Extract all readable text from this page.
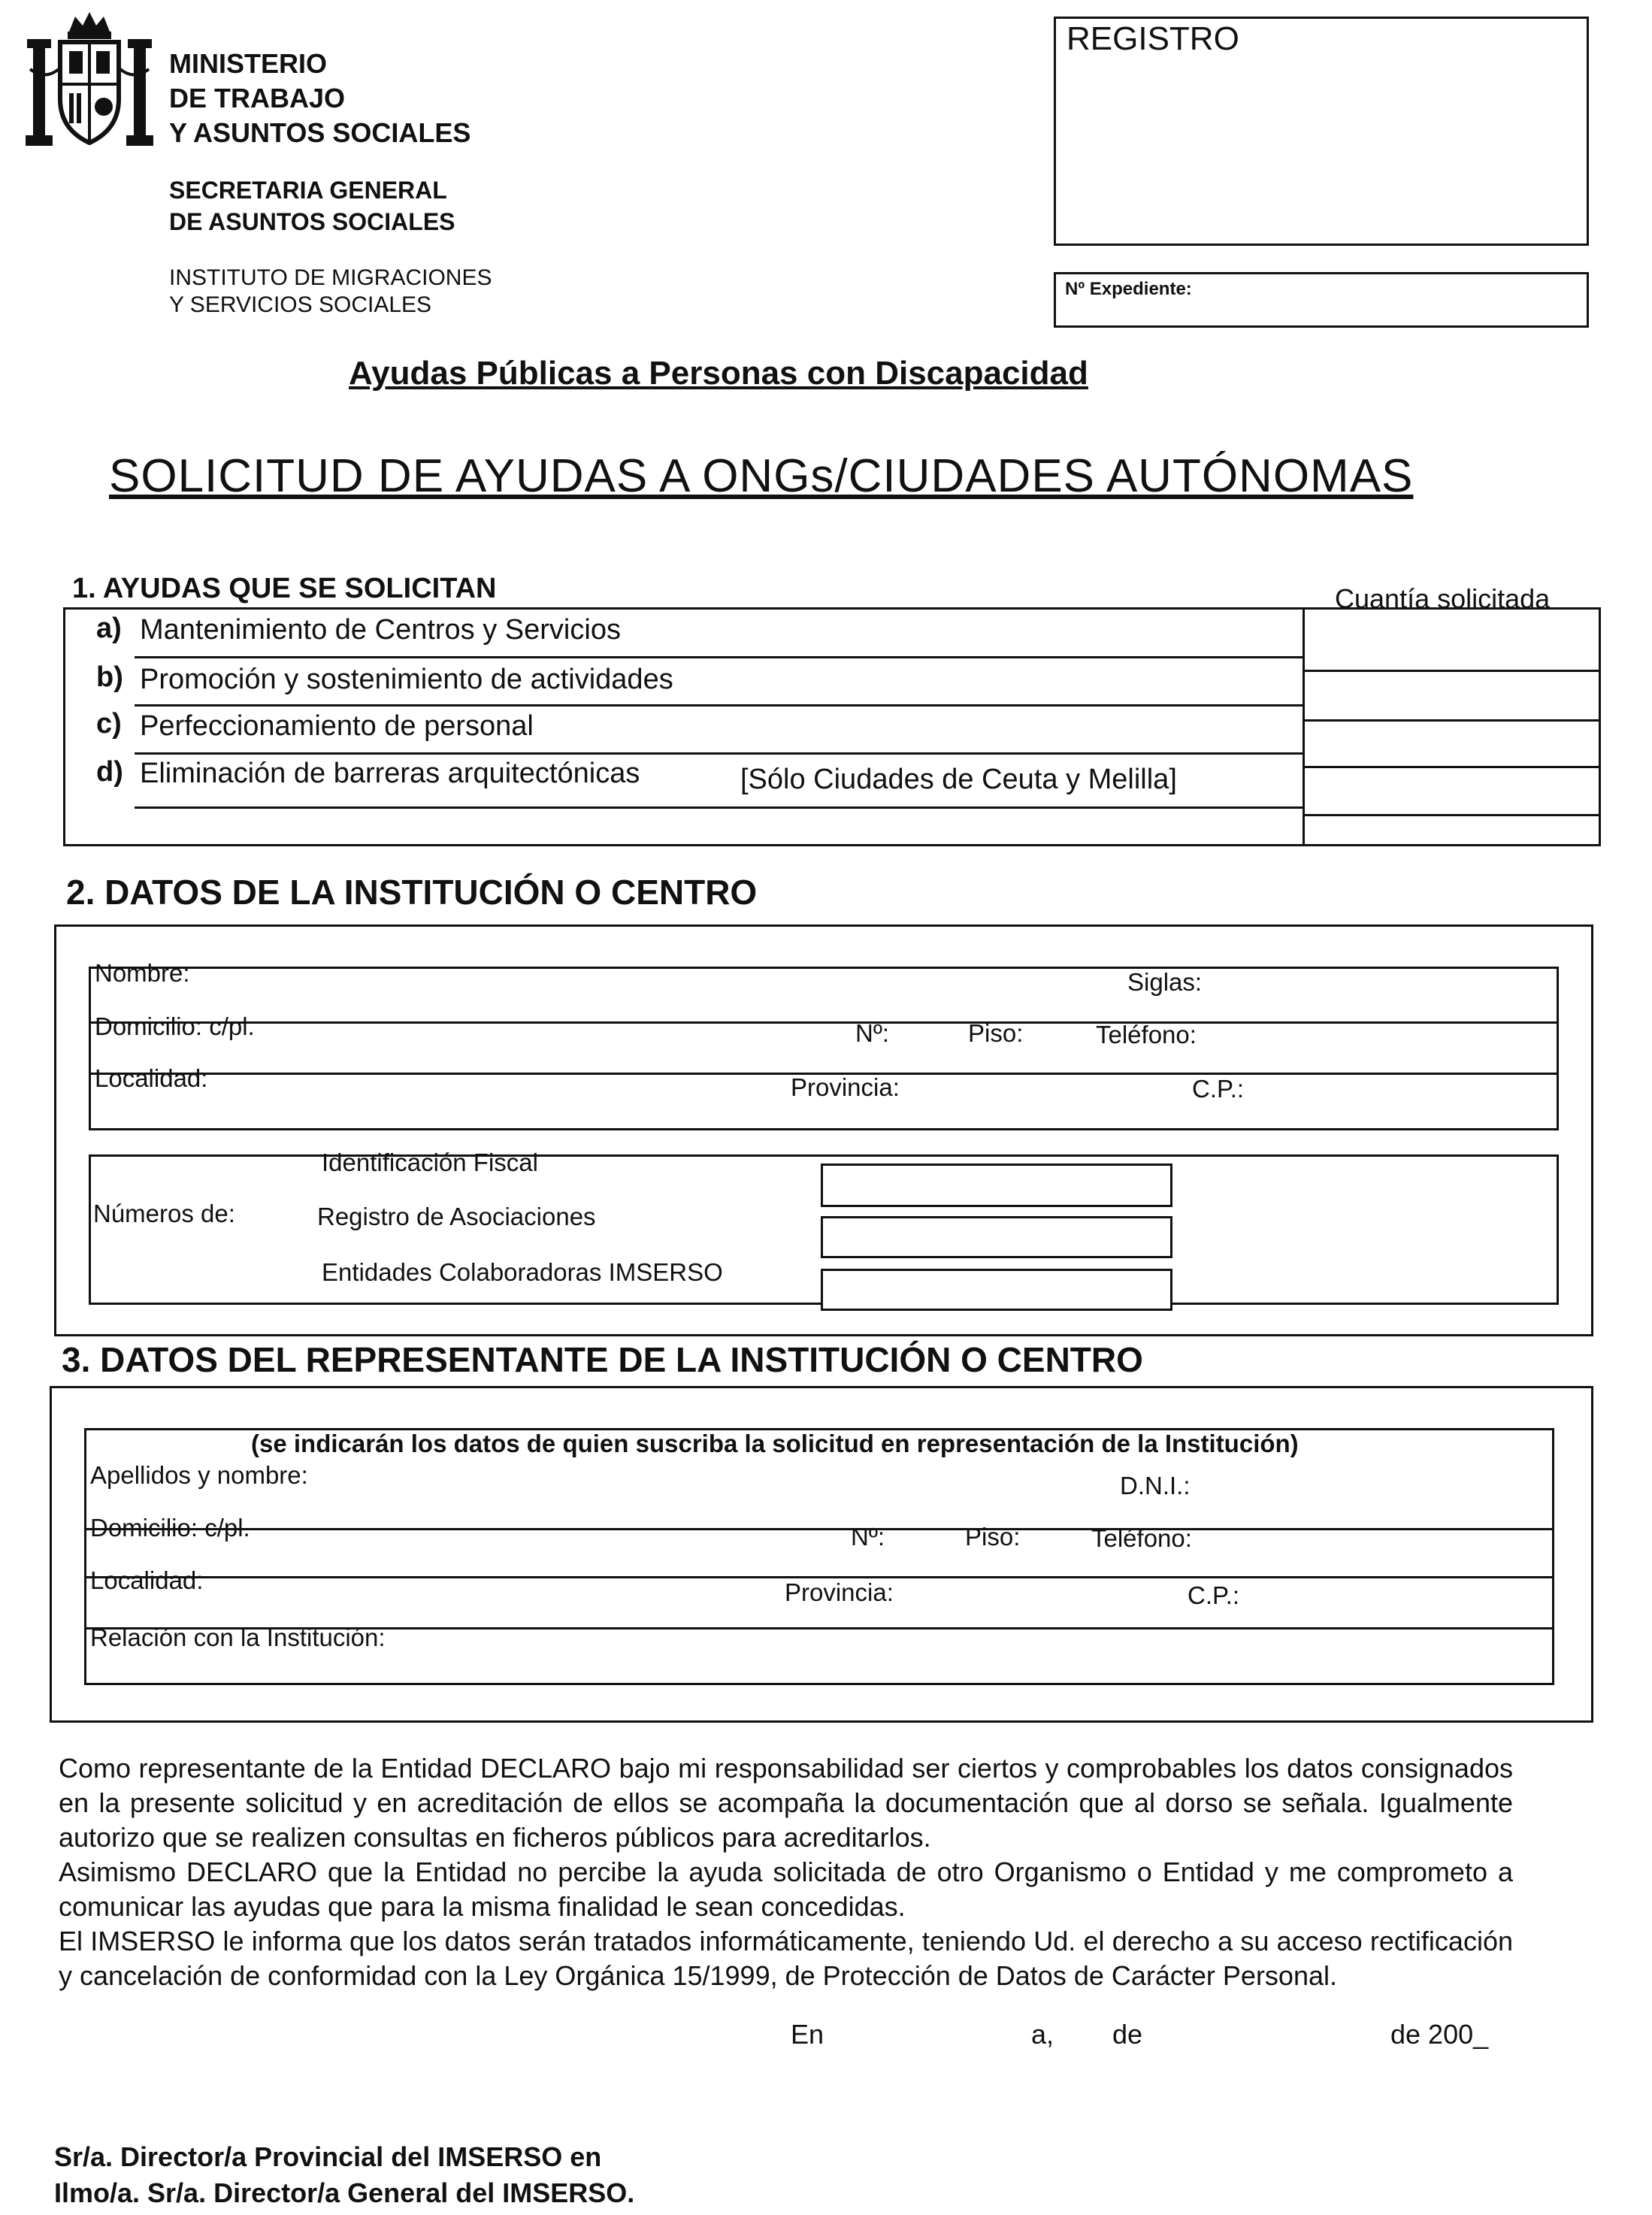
MINISTERIO
DE TRABAJO
Y ASUNTOS SOCIALES
SECRETARIA GENERAL
DE ASUNTOS SOCIALES
INSTITUTO DE MIGRACIONES
Y SERVICIOS SOCIALES
REGISTRO
Nº Expediente:
Ayudas Públicas a Personas con Discapacidad
SOLICITUD DE AYUDAS A ONGs/CIUDADES AUTÓNOMAS
1. AYUDAS QUE SE SOLICITAN	Cuantía solicitada
a) Mantenimiento de Centros y Servicios
b) Promoción y sostenimiento de actividades
c) Perfeccionamiento de personal
d) Eliminación de barreras arquitectónicas	[Sólo Ciudades de Ceuta y Melilla]
2. DATOS DE LA INSTITUCIÓN O CENTRO
Nombre:	Siglas:
Domicilio: c/pl.	Nº:	Piso:	Teléfono:
Localidad:	Provincia:	C.P.:
Números de:
Identificación Fiscal
Registro de Asociaciones
Entidades Colaboradoras IMSERSO
3. DATOS DEL REPRESENTANTE DE LA INSTITUCIÓN O CENTRO
(se indicarán los datos de quien suscriba la solicitud en representación de la Institución)
Apellidos y nombre:	D.N.I.:
Domicilio: c/pl.	Nº:	Piso:	Teléfono:
Localidad:	Provincia:	C.P.:
Relación con la Institución:
Como representante de la Entidad DECLARO bajo mi responsabilidad ser ciertos y comprobables los datos consignados en la presente solicitud y en acreditación de ellos se acompaña la documentación que al dorso se señala. Igualmente autorizo que se realizen consultas en ficheros públicos para acreditarlos.
Asimismo DECLARO que la Entidad no percibe la ayuda solicitada de otro Organismo o Entidad y me comprometo a comunicar las ayudas que para la misma finalidad le sean concedidas.
El IMSERSO le informa que los datos serán tratados informáticamente, teniendo Ud. el derecho a su acceso rectificación y cancelación de conformidad con la Ley Orgánica 15/1999, de Protección de Datos de Carácter Personal.
En	a, de	de 200_
Sr/a. Director/a Provincial del IMSERSO en
Ilmo/a. Sr/a. Director/a General del IMSERSO.
